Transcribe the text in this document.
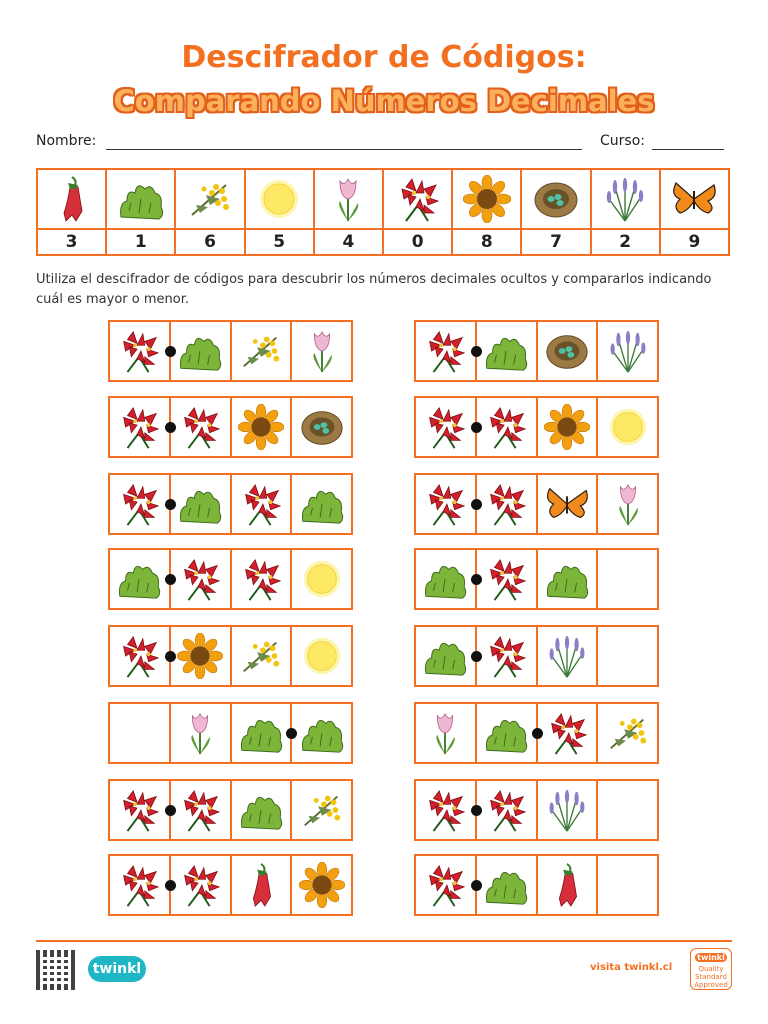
Descifrador de Códigos:
Comparando Números Decimales
Nombre:	Curso:
3	1	6	5	4	0	8	7	2	9
Utiliza el descifrador de códigos para descubrir los números decimales ocultos y compararlos indicando cuál es mayor o menor.
twinkl	visita twinkl.cl
twinkl
Quality Standard Approved
